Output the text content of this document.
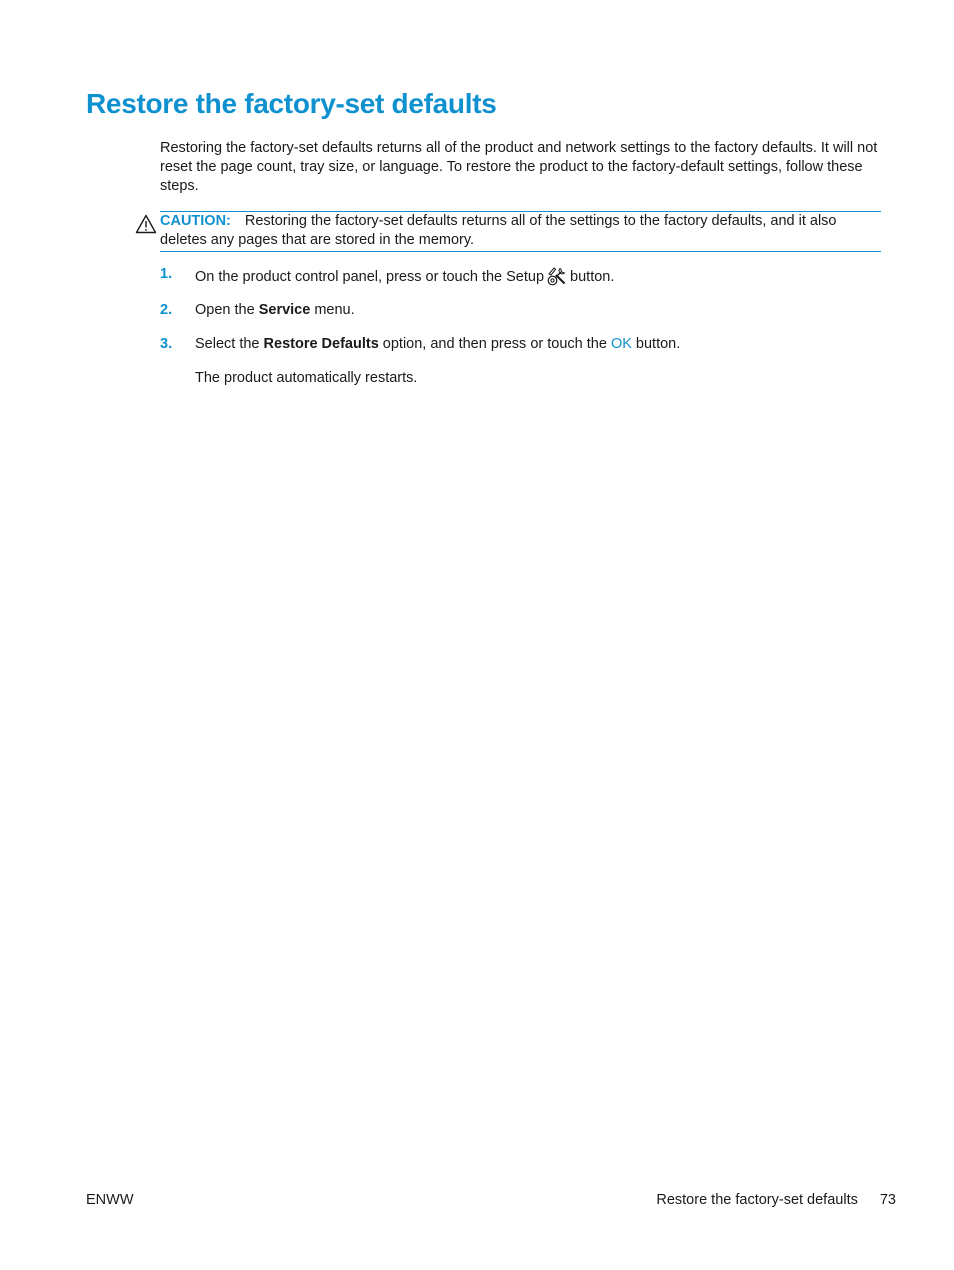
Restore the factory-set defaults

Restoring the factory-set defaults returns all of the product and network settings to the factory defaults. It will not reset the page count, tray size, or language. To restore the product to the factory-default settings, follow these steps.

CAUTION: Restoring the factory-set defaults returns all of the settings to the factory defaults, and it also deletes any pages that are stored in the memory.
1. On the product control panel, press or touch the Setup button.
2. Open the Service menu.
3. Select the Restore Defaults option, and then press or touch the OK button.
The product automatically restarts.
ENWW	Restore the factory-set defaults 73
